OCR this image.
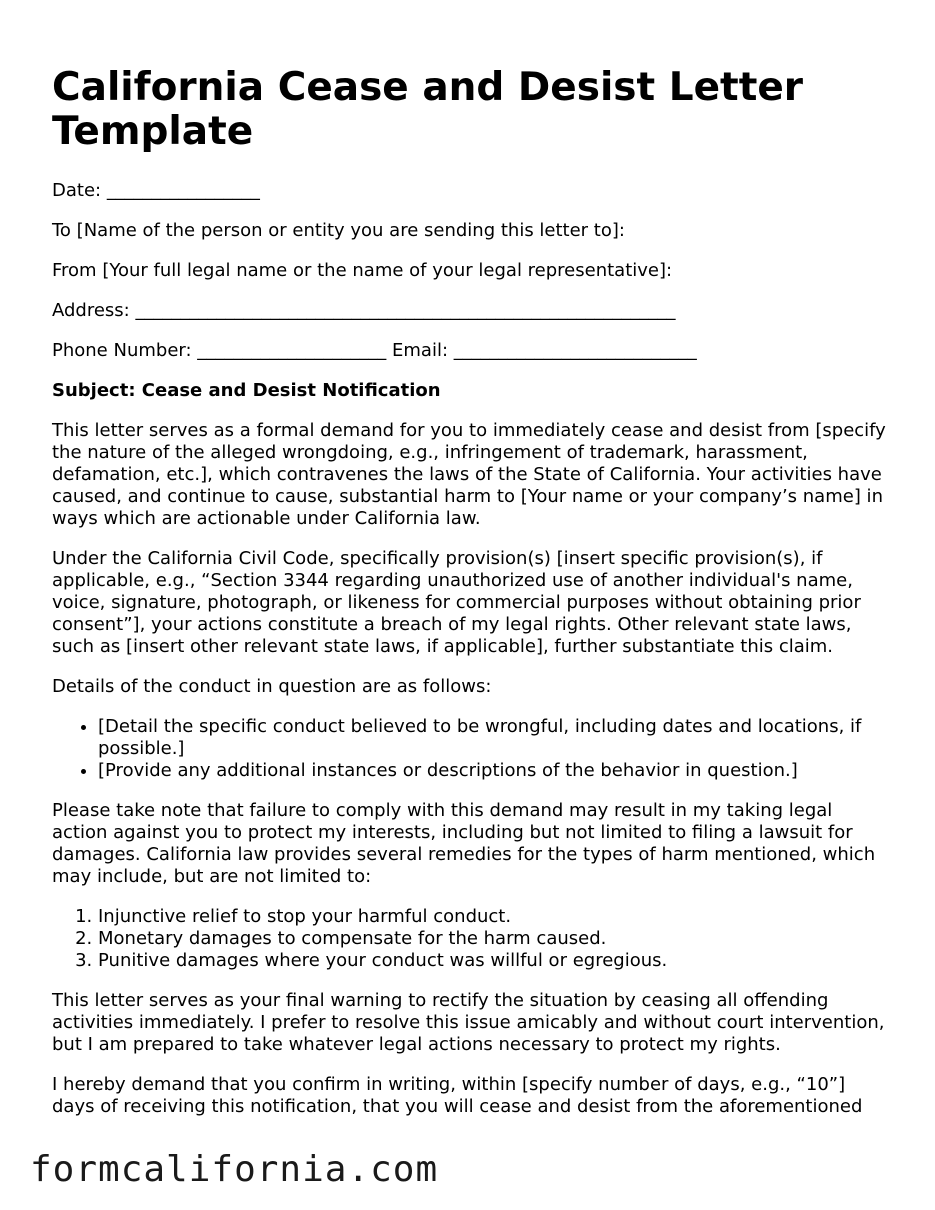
California Cease and Desist Letter Template

Date: _________________

To [Name of the person or entity you are sending this letter to]:

From [Your full legal name or the name of your legal representative]:

Address: ____________________________________________________________

Phone Number: _____________________ Email: ___________________________

Subject: Cease and Desist Notification

This letter serves as a formal demand for you to immediately cease and desist from [specify the nature of the alleged wrongdoing, e.g., infringement of trademark, harassment, defamation, etc.], which contravenes the laws of the State of California. Your activities have caused, and continue to cause, substantial harm to [Your name or your company’s name] in ways which are actionable under California law.

Under the California Civil Code, specifically provision(s) [insert specific provision(s), if applicable, e.g., “Section 3344 regarding unauthorized use of another individual's name, voice, signature, photograph, or likeness for commercial purposes without obtaining prior consent”], your actions constitute a breach of my legal rights. Other relevant state laws, such as [insert other relevant state laws, if applicable], further substantiate this claim.

Details of the conduct in question are as follows:

• [Detail the specific conduct believed to be wrongful, including dates and locations, if possible.]
• [Provide any additional instances or descriptions of the behavior in question.]

Please take note that failure to comply with this demand may result in my taking legal action against you to protect my interests, including but not limited to filing a lawsuit for damages. California law provides several remedies for the types of harm mentioned, which may include, but are not limited to:

1. Injunctive relief to stop your harmful conduct.
2. Monetary damages to compensate for the harm caused.
3. Punitive damages where your conduct was willful or egregious.

This letter serves as your final warning to rectify the situation by ceasing all offending activities immediately. I prefer to resolve this issue amicably and without court intervention, but I am prepared to take whatever legal actions necessary to protect my rights.

I hereby demand that you confirm in writing, within [specify number of days, e.g., “10”] days of receiving this notification, that you will cease and desist from the aforementioned

formcalifornia.com
